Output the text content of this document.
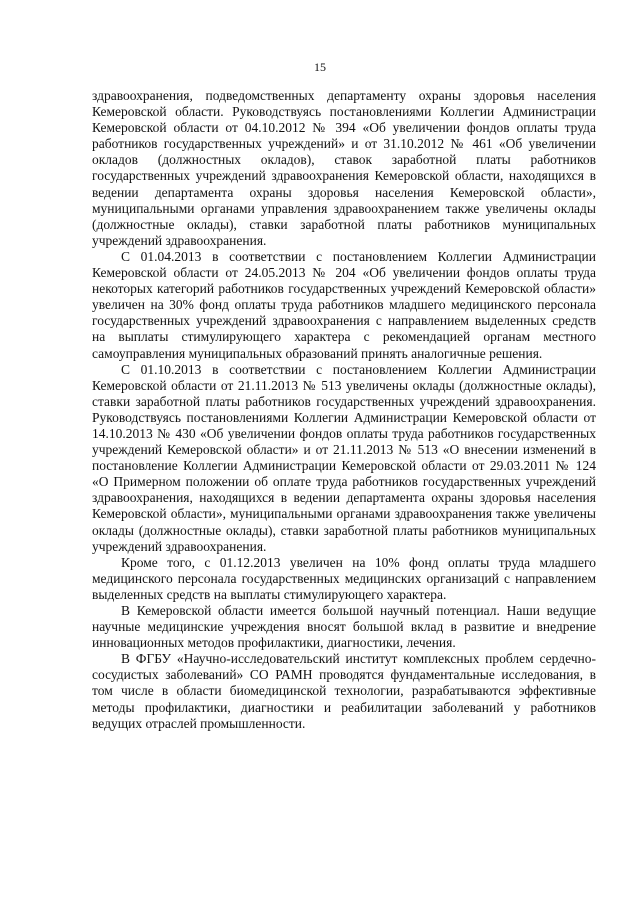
15

здравоохранения, подведомственных департаменту охраны здоровья населения Кемеровской области. Руководствуясь постановлениями Коллегии Администрации Кемеровской области от 04.10.2012 № 394 «Об увеличении фондов оплаты труда работников государственных учреждений» и от 31.10.2012 № 461 «Об увеличении окладов (должностных окладов), ставок заработной платы работников государственных учреждений здравоохранения Кемеровской области, находящихся в ведении департамента охраны здоровья населения Кемеровской области», муниципальными органами управления здравоохранением также увеличены оклады (должностные оклады), ставки заработной платы работников муниципальных учреждений здравоохранения.

С 01.04.2013 в соответствии с постановлением Коллегии Администрации Кемеровской области от 24.05.2013 № 204 «Об увеличении фондов оплаты труда некоторых категорий работников государственных учреждений Кемеровской области» увеличен на 30% фонд оплаты труда работников младшего медицинского персонала государственных учреждений здравоохранения с направлением выделенных средств на выплаты стимулирующего характера с рекомендацией органам местного самоуправления муниципальных образований принять аналогичные решения.

С 01.10.2013 в соответствии с постановлением Коллегии Администрации Кемеровской области от 21.11.2013 № 513 увеличены оклады (должностные оклады), ставки заработной платы работников государственных учреждений здравоохранения. Руководствуясь постановлениями Коллегии Администрации Кемеровской области от 14.10.2013 № 430 «Об увеличении фондов оплаты труда работников государственных учреждений Кемеровской области» и от 21.11.2013 № 513 «О внесении изменений в постановление Коллегии Администрации Кемеровской области от 29.03.2011 № 124 «О Примерном положении об оплате труда работников государственных учреждений здравоохранения, находящихся в ведении департамента охраны здоровья населения Кемеровской области», муниципальными органами здравоохранения также увеличены оклады (должностные оклады), ставки заработной платы работников муниципальных учреждений здравоохранения.

Кроме того, с 01.12.2013 увеличен на 10% фонд оплаты труда младшего медицинского персонала государственных медицинских организаций с направлением выделенных средств на выплаты стимулирующего характера.

В Кемеровской области имеется большой научный потенциал. Наши ведущие научные медицинские учреждения вносят большой вклад в развитие и внедрение инновационных методов профилактики, диагностики, лечения.

В ФГБУ «Научно-исследовательский институт комплексных проблем сердечно-сосудистых заболеваний» СО РАМН проводятся фундаментальные исследования, в том числе в области биомедицинской технологии, разрабатываются эффективные методы профилактики, диагностики и реабилитации заболеваний у работников ведущих отраслей промышленности.
